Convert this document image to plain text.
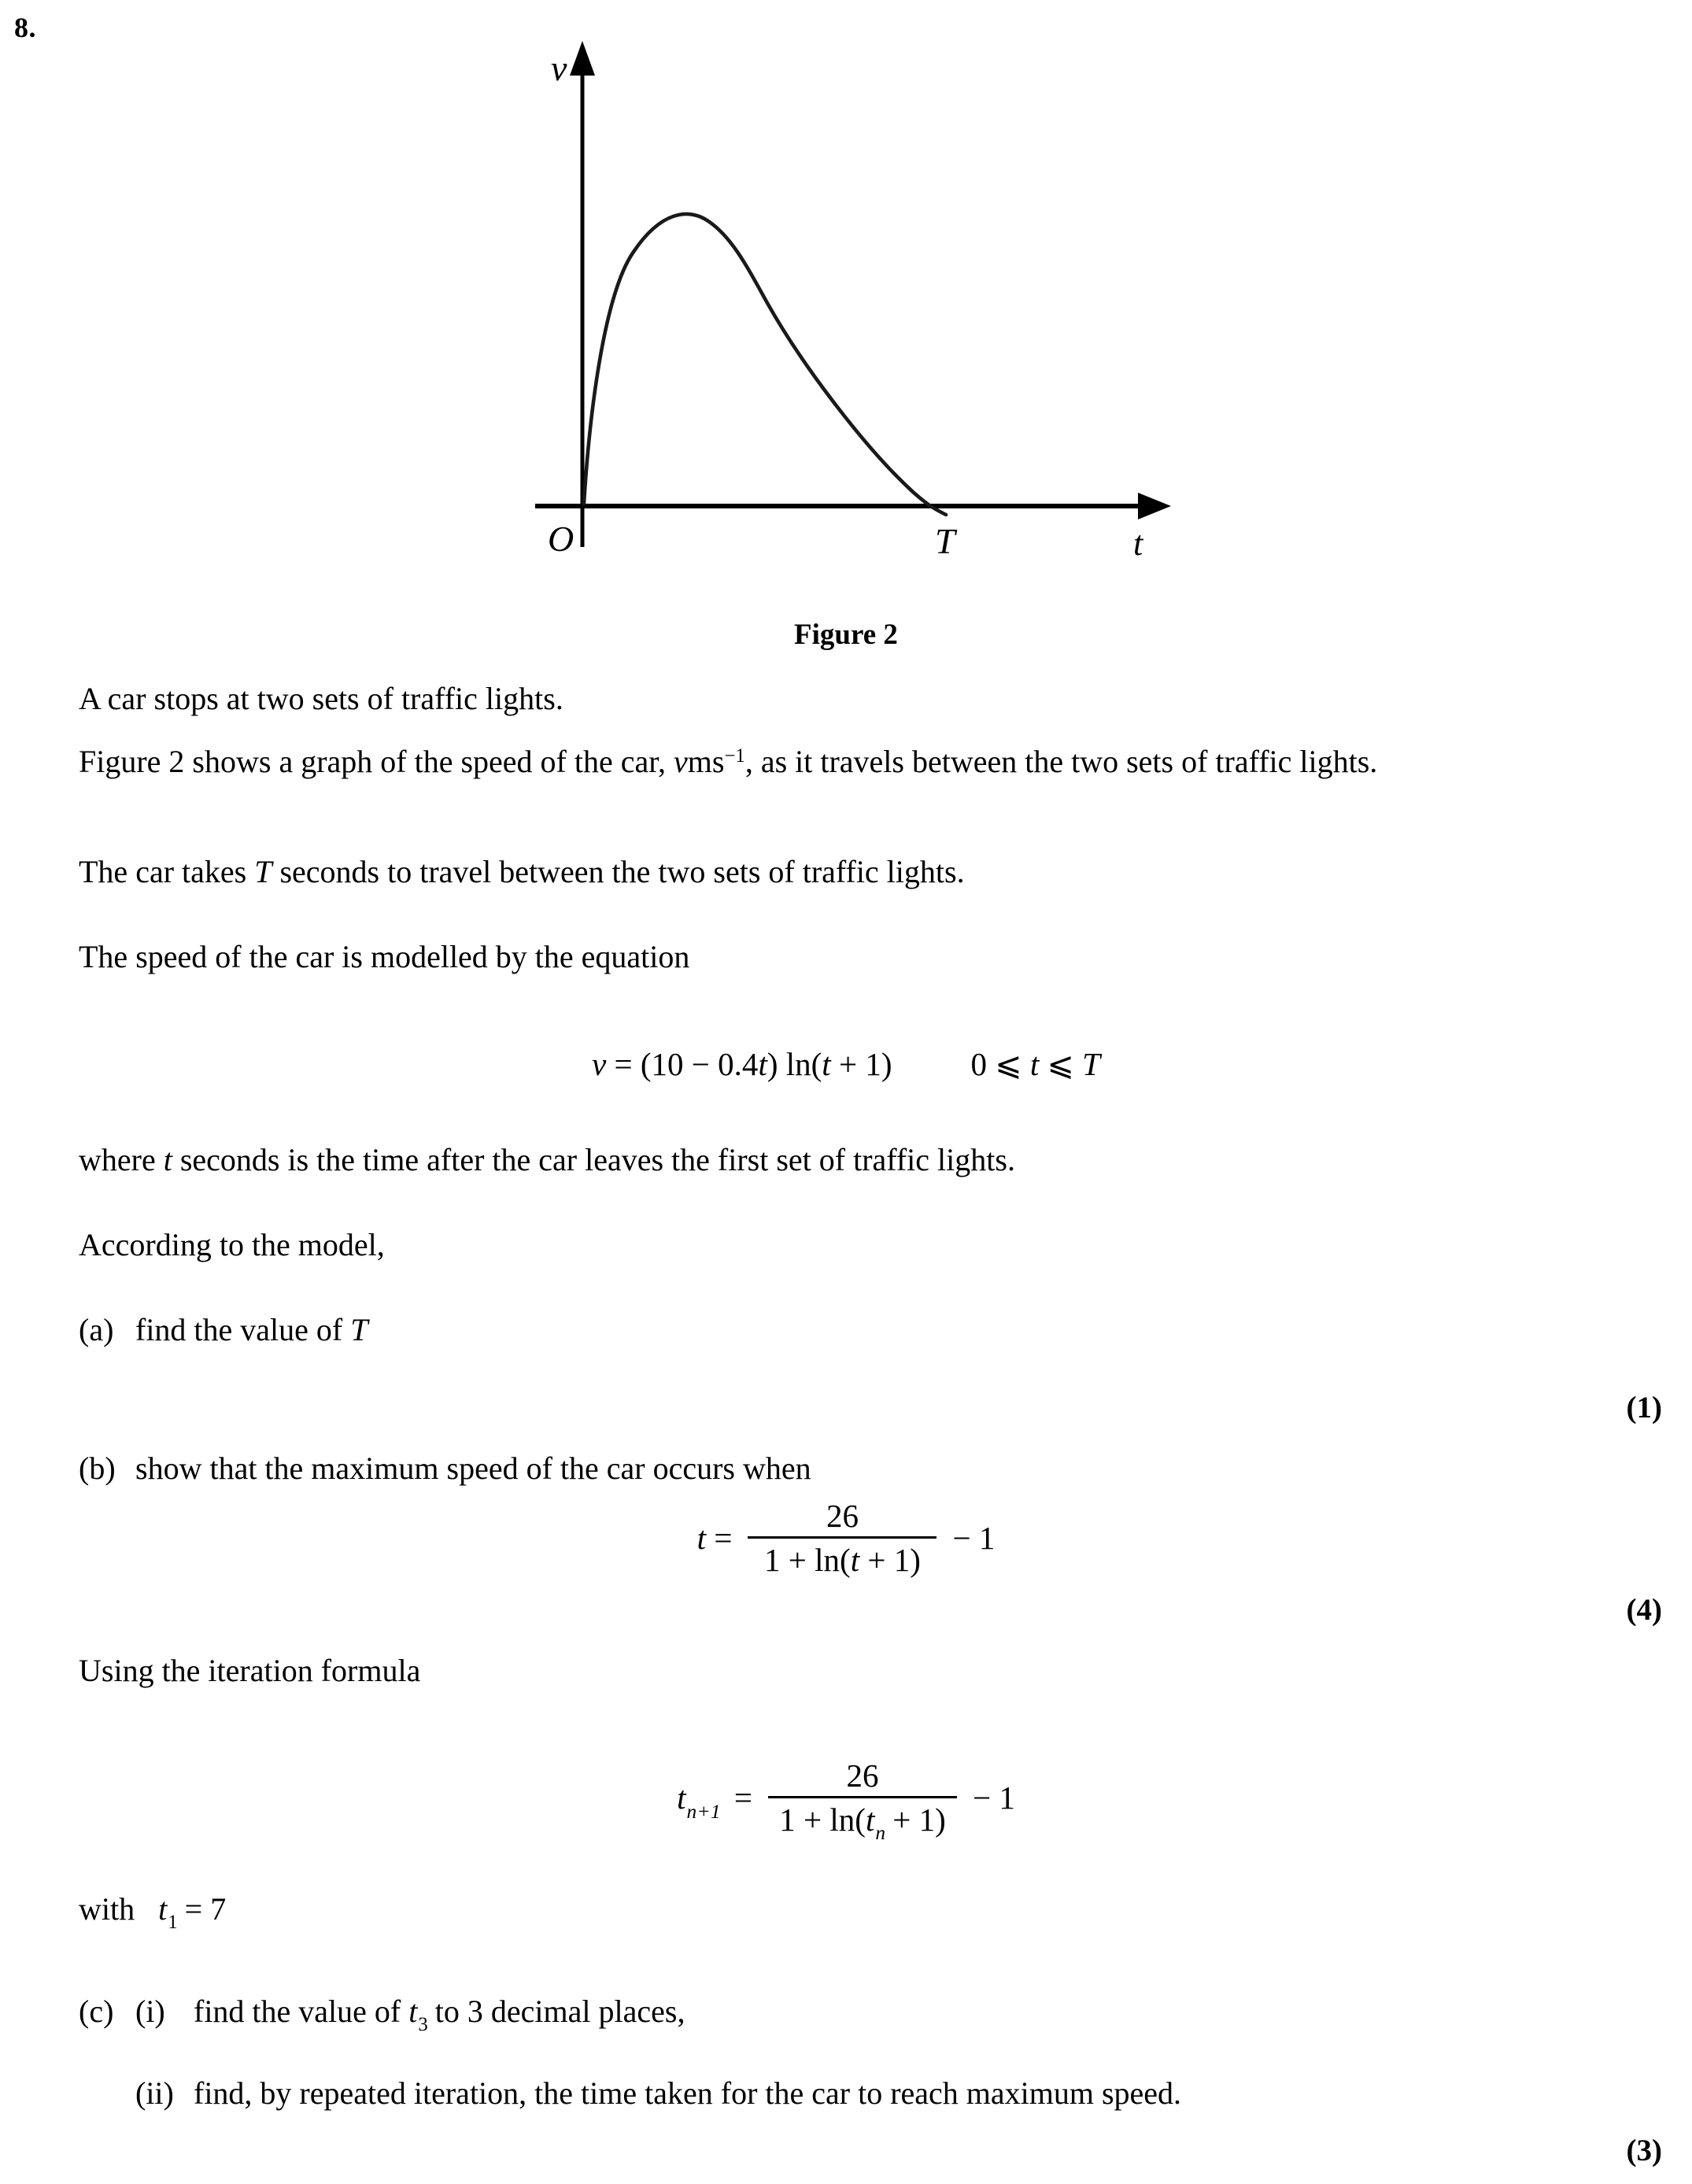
8.
v
O	T	t
Figure 2
A car stops at two sets of traffic lights.
Figure 2 shows a graph of the speed of the car, vms$^{-1}$, as it travels between the two sets of traffic lights.
The car takes T seconds to travel between the two sets of traffic lights.
The speed of the car is modelled by the equation
v = (10 − 0.4t) ln(t + 1) 0 ⩽ t ⩽ T
where t seconds is the time after the car leaves the first set of traffic lights.
According to the model,
(a) find the value of T
(1)
(b) show that the maximum speed of the car occurs when
$t = \frac{26}{1 + \ln(t + 1)} - 1$
(4)
Using the iteration formula
$t_{n+1} = \frac{26}{1 + \ln(t_n + 1)} - 1$
with $t_1 = 7$
(c) (i) find the value of $t_3$ to 3 decimal places,
(ii) find, by repeated iteration, the time taken for the car to reach maximum speed.
(3)
